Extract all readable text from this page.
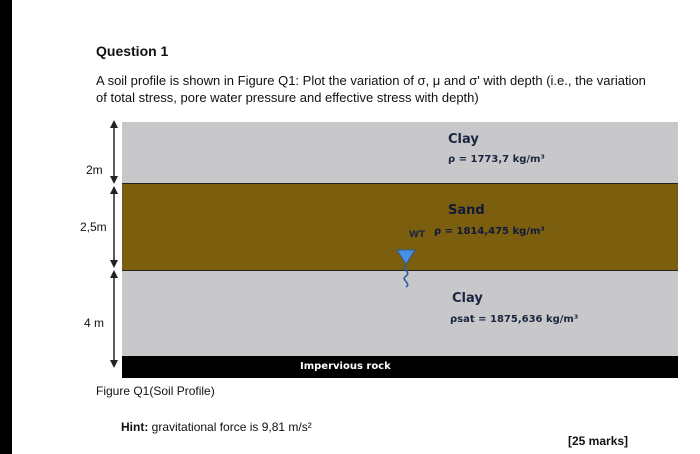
Question 1
A soil profile is shown in Figure Q1: Plot the variation of σ, μ and σ' with depth (i.e., the variation of total stress, pore water pressure and effective stress with depth)
Clay
ρ = 1773,7 kg/m³
Sand
ρ = 1814,475 kg/m³
Clay
ρsat = 1875,636 kg/m³
WT
Impervious rock
2m
2,5m
4 m
Figure Q1(Soil Profile)
Hint: gravitational force is 9,81 m/s²
[25 marks]
